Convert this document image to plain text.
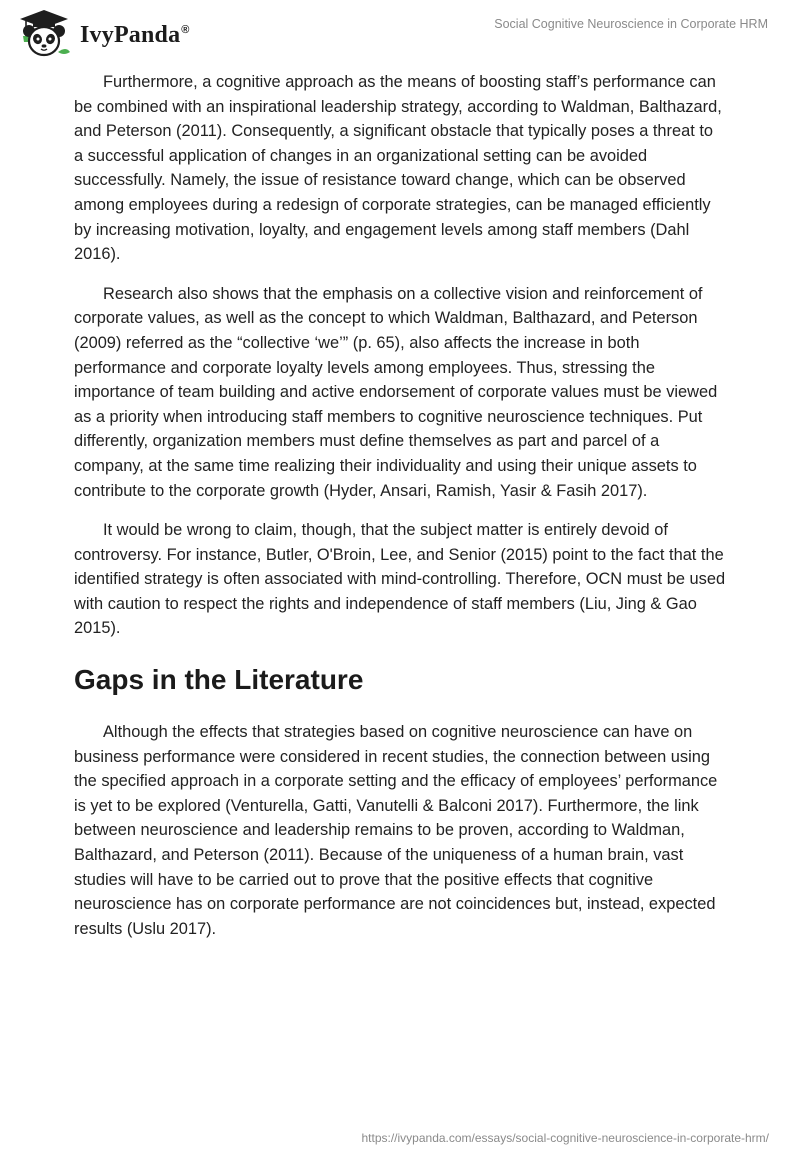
IvyPanda®	Social Cognitive Neuroscience in Corporate HRM

Furthermore, a cognitive approach as the means of boosting staff’s performance can be combined with an inspirational leadership strategy, according to Waldman, Balthazard, and Peterson (2011). Consequently, a significant obstacle that typically poses a threat to a successful application of changes in an organizational setting can be avoided successfully. Namely, the issue of resistance toward change, which can be observed among employees during a redesign of corporate strategies, can be managed efficiently by increasing motivation, loyalty, and engagement levels among staff members (Dahl 2016).

Research also shows that the emphasis on a collective vision and reinforcement of corporate values, as well as the concept to which Waldman, Balthazard, and Peterson (2009) referred as the “collective ‘we’” (p. 65), also affects the increase in both performance and corporate loyalty levels among employees. Thus, stressing the importance of team building and active endorsement of corporate values must be viewed as a priority when introducing staff members to cognitive neuroscience techniques. Put differently, organization members must define themselves as part and parcel of a company, at the same time realizing their individuality and using their unique assets to contribute to the corporate growth (Hyder, Ansari, Ramish, Yasir & Fasih 2017).

It would be wrong to claim, though, that the subject matter is entirely devoid of controversy. For instance, Butler, O'Broin, Lee, and Senior (2015) point to the fact that the identified strategy is often associated with mind-controlling. Therefore, OCN must be used with caution to respect the rights and independence of staff members (Liu, Jing & Gao 2015).

Gaps in the Literature

Although the effects that strategies based on cognitive neuroscience can have on business performance were considered in recent studies, the connection between using the specified approach in a corporate setting and the efficacy of employees’ performance is yet to be explored (Venturella, Gatti, Vanutelli & Balconi 2017). Furthermore, the link between neuroscience and leadership remains to be proven, according to Waldman, Balthazard, and Peterson (2011). Because of the uniqueness of a human brain, vast studies will have to be carried out to prove that the positive effects that cognitive neuroscience has on corporate performance are not coincidences but, instead, expected results (Uslu 2017).

https://ivypanda.com/essays/social-cognitive-neuroscience-in-corporate-hrm/
